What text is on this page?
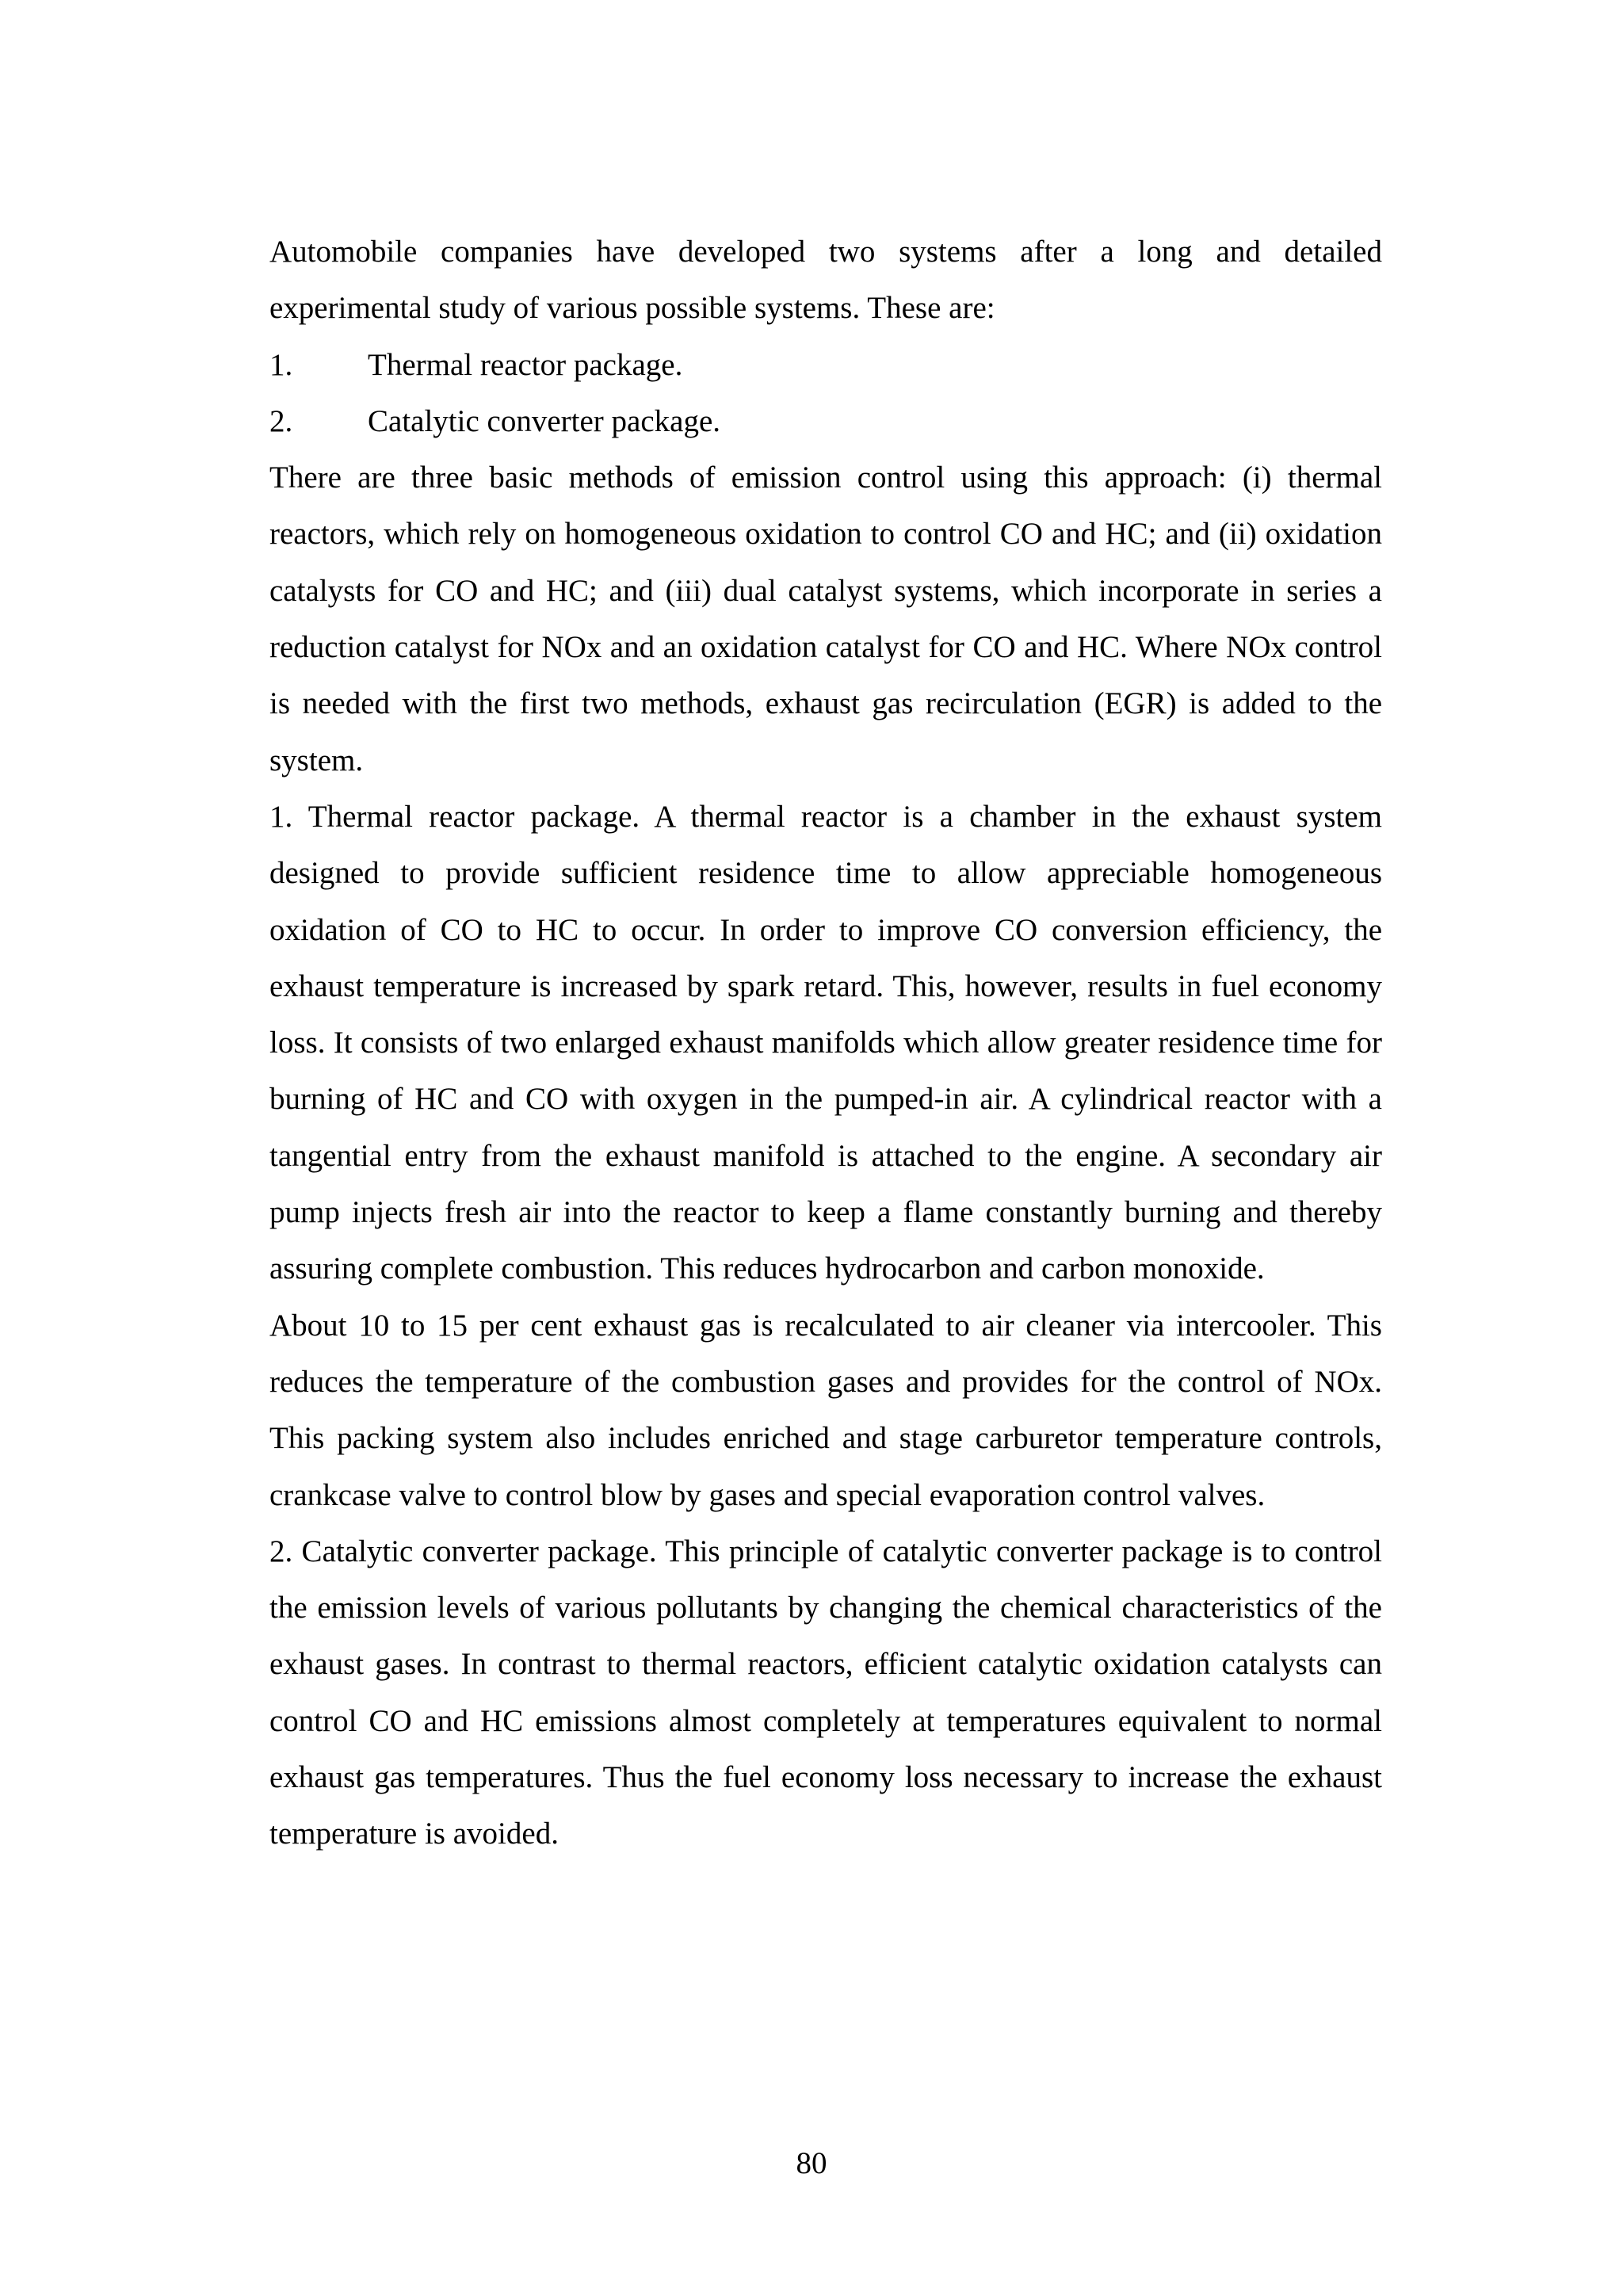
Automobile companies have developed two systems after a long and detailed experimental study of various possible systems. These are:

1.	Thermal reactor package.
2.	Catalytic converter package.

There are three basic methods of emission control using this approach: (i) thermal reactors, which rely on homogeneous oxidation to control CO and HC; and (ii) oxidation catalysts for CO and HC; and (iii) dual catalyst systems, which incorporate in series a reduction catalyst for NOx and an oxidation catalyst for CO and HC. Where NOx control is needed with the first two methods, exhaust gas recirculation (EGR) is added to the system.

1. Thermal reactor package. A thermal reactor is a chamber in the exhaust system designed to provide sufficient residence time to allow appreciable homogeneous oxidation of CO to HC to occur. In order to improve CO conversion efficiency, the exhaust temperature is increased by spark retard. This, however, results in fuel economy loss. It consists of two enlarged exhaust manifolds which allow greater residence time for burning of HC and CO with oxygen in the pumped-in air. A cylindrical reactor with a tangential entry from the exhaust manifold is attached to the engine. A secondary air pump injects fresh air into the reactor to keep a flame constantly burning and thereby assuring complete combustion. This reduces hydrocarbon and carbon monoxide.

About 10 to 15 per cent exhaust gas is recalculated to air cleaner via intercooler. This reduces the temperature of the combustion gases and provides for the control of NOx. This packing system also includes enriched and stage carburetor temperature controls, crankcase valve to control blow by gases and special evaporation control valves.

2. Catalytic converter package. This principle of catalytic converter package is to control the emission levels of various pollutants by changing the chemical characteristics of the exhaust gases. In contrast to thermal reactors, efficient catalytic oxidation catalysts can control CO and HC emissions almost completely at temperatures equivalent to normal exhaust gas temperatures. Thus the fuel economy loss necessary to increase the exhaust temperature is avoided.

80
